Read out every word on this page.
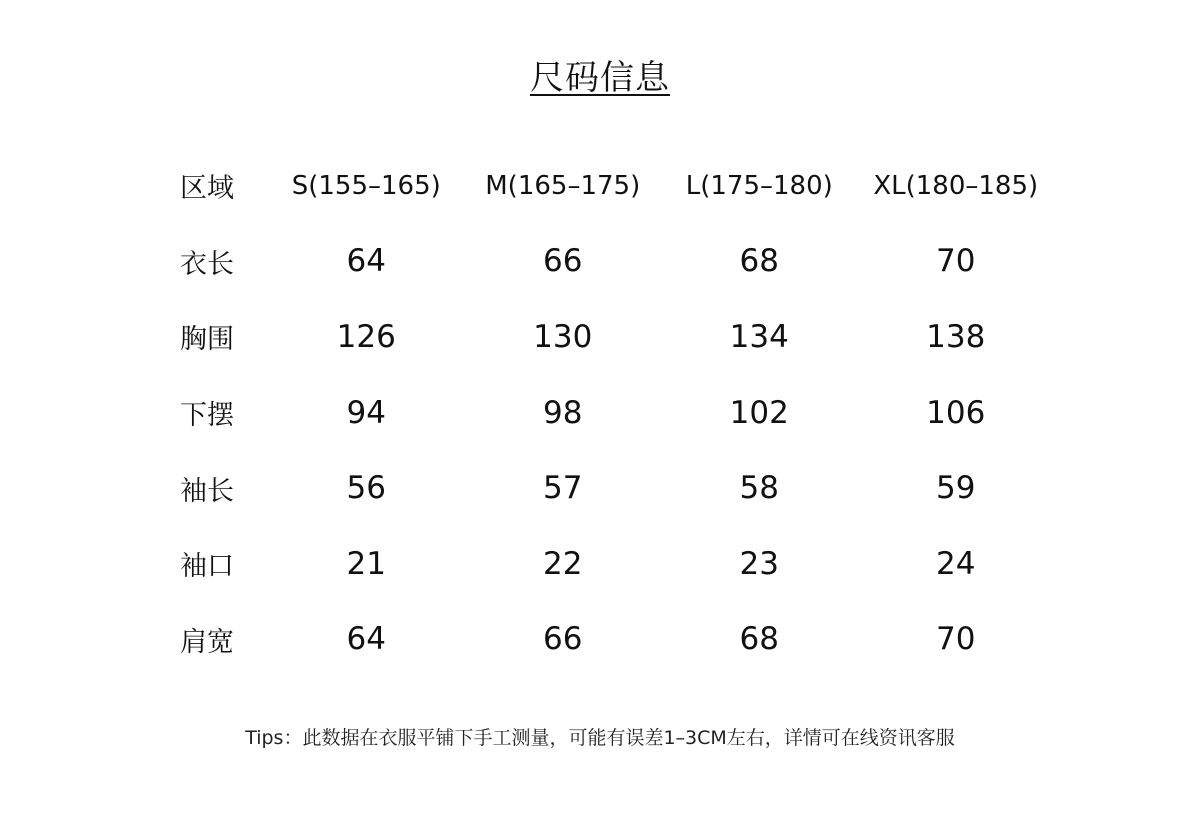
尺码信息
区域	S(155–165)	M(165–175)	L(175–180)	XL(180–185)
衣长	64	66	68	70
胸围	126	130	134	138
下摆	94	98	102	106
袖长	56	57	58	59
袖口	21	22	23	24
肩宽	64	66	68	70
Tips：此数据在衣服平铺下手工测量，可能有误差1–3CM左右，详情可在线资讯客服
